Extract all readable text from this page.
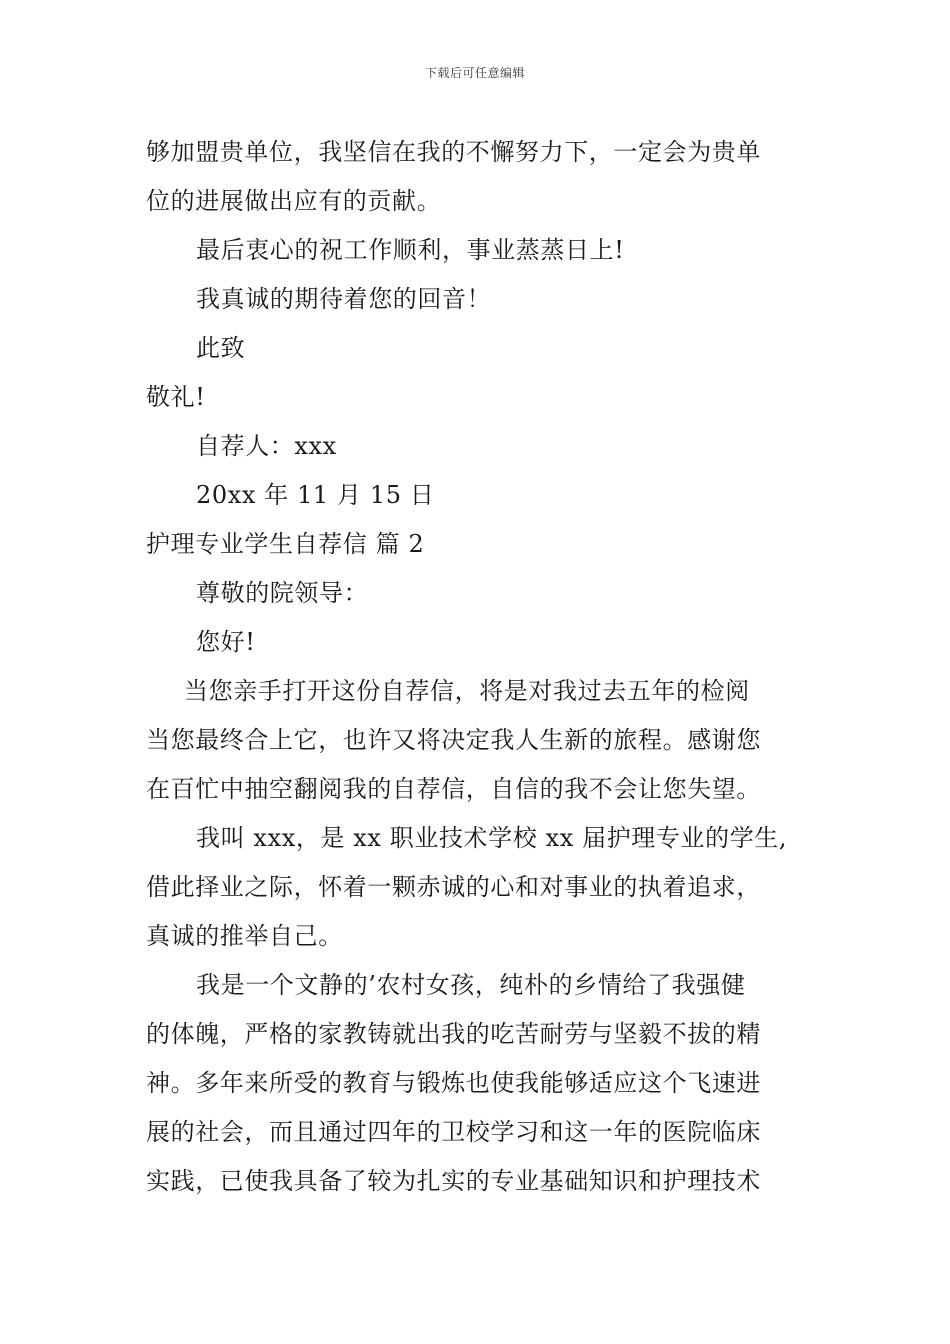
下载后可任意编辑
够加盟贵单位，我坚信在我的不懈努力下，一定会为贵单
位的进展做出应有的贡献。
最后衷心的祝工作顺利，事业蒸蒸日上!
我真诚的期待着您的回音！
此致
敬礼!
自荐人：xxx
20xx 年 11 月 15 日
护理专业学生自荐信 篇 2
尊敬的院领导：
您好!
当您亲手打开这份自荐信，将是对我过去五年的检阅
当您最终合上它，也许又将决定我人生新的旅程。感谢您
在百忙中抽空翻阅我的自荐信，自信的我不会让您失望。
我叫 xxx，是 xx 职业技术学校 xx 届护理专业的学生,
借此择业之际，怀着一颗赤诚的心和对事业的执着追求，
真诚的推举自己。
我是一个文静的’农村女孩，纯朴的乡情给了我强健
的体魄，严格的家教铸就出我的吃苦耐劳与坚毅不拔的精
神。多年来所受的教育与锻炼也使我能够适应这个飞速进
展的社会，而且通过四年的卫校学习和这一年的医院临床
实践，已使我具备了较为扎实的专业基础知识和护理技术
